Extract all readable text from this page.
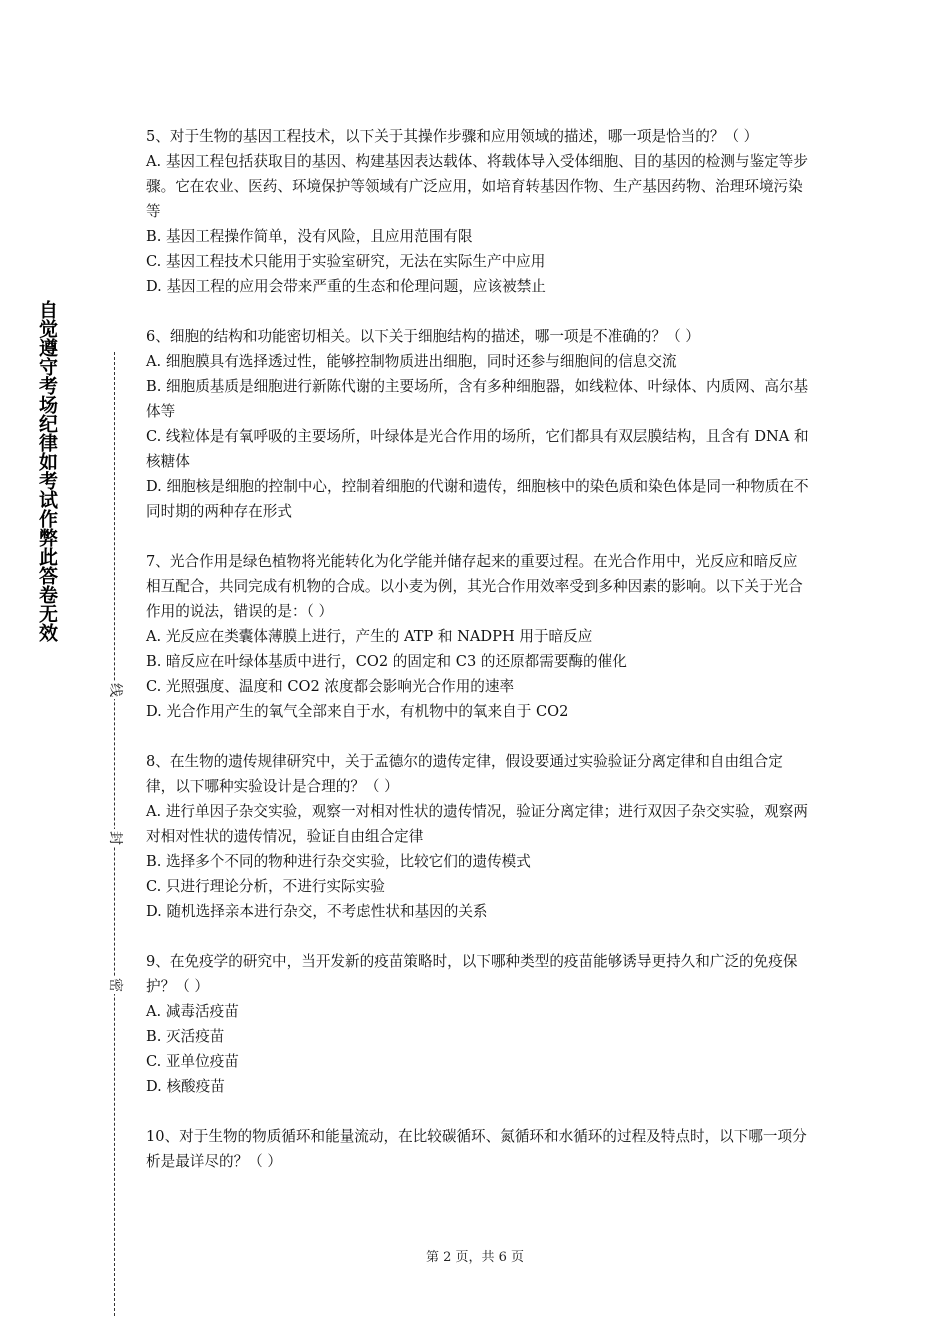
自觉遵守考场纪律如考试作弊此答卷无效
线
封
密

5、对于生物的基因工程技术，以下关于其操作步骤和应用领域的描述，哪一项是恰当的？（ ）

A. 基因工程包括获取目的基因、构建基因表达载体、将载体导入受体细胞、目的基因的检测与鉴定等步骤。它在农业、医药、环境保护等领域有广泛应用，如培育转基因作物、生产基因药物、治理环境污染等

B. 基因工程操作简单，没有风险，且应用范围有限

C. 基因工程技术只能用于实验室研究，无法在实际生产中应用

D. 基因工程的应用会带来严重的生态和伦理问题，应该被禁止

6、细胞的结构和功能密切相关。以下关于细胞结构的描述，哪一项是不准确的？（ ）

A. 细胞膜具有选择透过性，能够控制物质进出细胞，同时还参与细胞间的信息交流

B. 细胞质基质是细胞进行新陈代谢的主要场所，含有多种细胞器，如线粒体、叶绿体、内质网、高尔基体等

C. 线粒体是有氧呼吸的主要场所，叶绿体是光合作用的场所，它们都具有双层膜结构，且含有 DNA 和核糖体

D. 细胞核是细胞的控制中心，控制着细胞的代谢和遗传，细胞核中的染色质和染色体是同一种物质在不同时期的两种存在形式

7、光合作用是绿色植物将光能转化为化学能并储存起来的重要过程。在光合作用中，光反应和暗反应相互配合，共同完成有机物的合成。以小麦为例，其光合作用效率受到多种因素的影响。以下关于光合作用的说法，错误的是：（ ）

A. 光反应在类囊体薄膜上进行，产生的 ATP 和 NADPH 用于暗反应

B. 暗反应在叶绿体基质中进行，CO2 的固定和 C3 的还原都需要酶的催化

C. 光照强度、温度和 CO2 浓度都会影响光合作用的速率

D. 光合作用产生的氧气全部来自于水，有机物中的氧来自于 CO2

8、在生物的遗传规律研究中，关于孟德尔的遗传定律，假设要通过实验验证分离定律和自由组合定律，以下哪种实验设计是合理的？（ ）

A. 进行单因子杂交实验，观察一对相对性状的遗传情况，验证分离定律；进行双因子杂交实验，观察两对相对性状的遗传情况，验证自由组合定律

B. 选择多个不同的物种进行杂交实验，比较它们的遗传模式

C. 只进行理论分析，不进行实际实验

D. 随机选择亲本进行杂交，不考虑性状和基因的关系

9、在免疫学的研究中，当开发新的疫苗策略时，以下哪种类型的疫苗能够诱导更持久和广泛的免疫保护？（ ）

A. 减毒活疫苗

B. 灭活疫苗

C. 亚单位疫苗

D. 核酸疫苗

10、对于生物的物质循环和能量流动，在比较碳循环、氮循环和水循环的过程及特点时，以下哪一项分析是最详尽的？（ ）

第 2 页，共 6 页
